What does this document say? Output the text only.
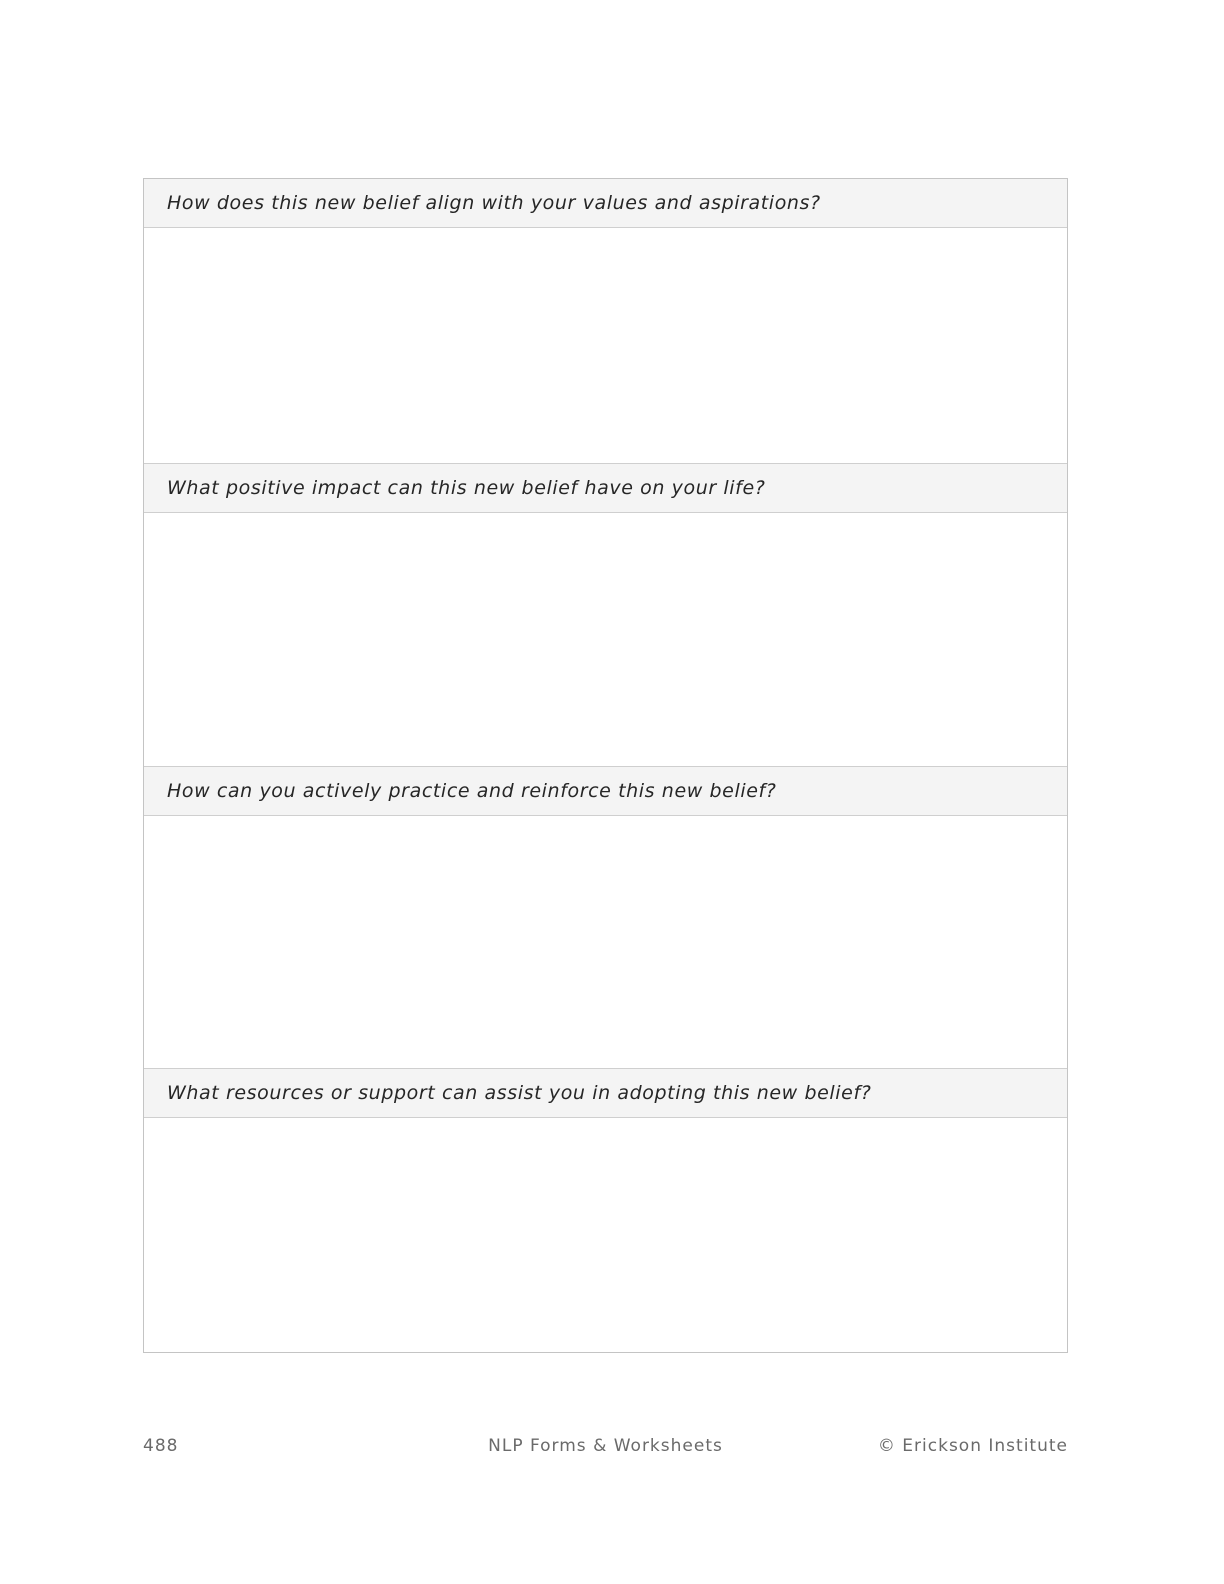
How does this new belief align with your values and aspirations?
What positive impact can this new belief have on your life?
How can you actively practice and reinforce this new belief?
What resources or support can assist you in adopting this new belief?
488	NLP Forms & Worksheets	© Erickson Institute
